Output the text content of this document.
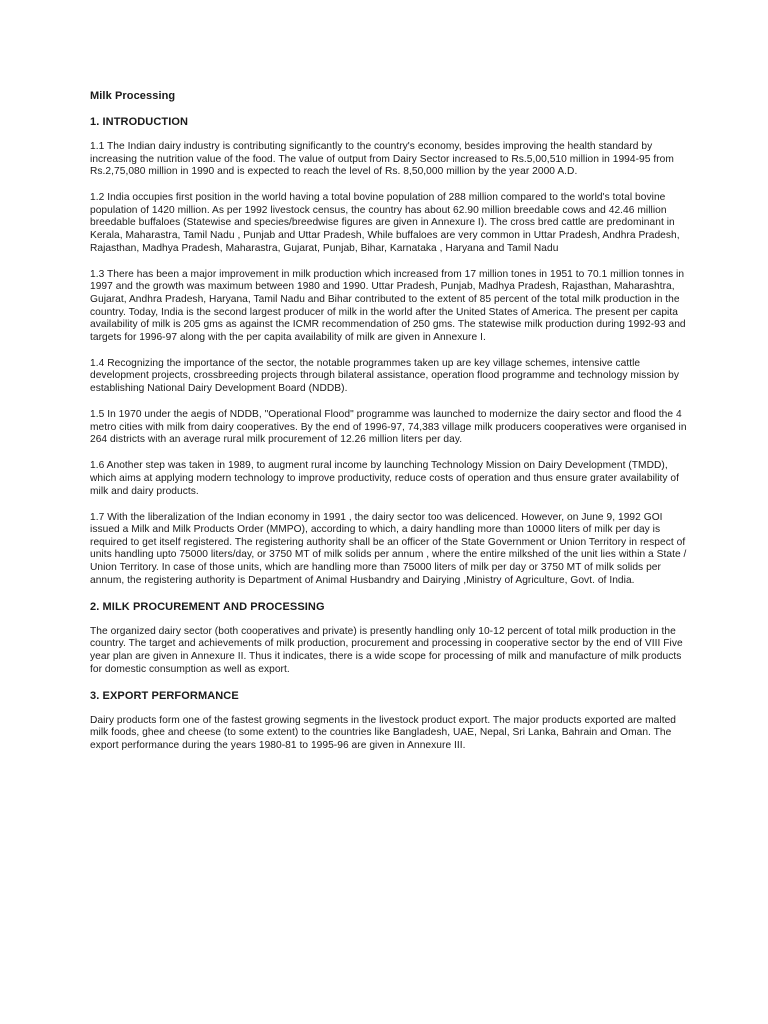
Milk Processing
1. INTRODUCTION

1.1 The Indian dairy industry is contributing significantly to the country's economy, besides improving the health standard by increasing the nutrition value of the food. The value of output from Dairy Sector increased to Rs.5,00,510 million in 1994-95 from Rs.2,75,080 million in 1990 and is expected to reach the level of Rs. 8,50,000 million by the year 2000 A.D.

1.2 India occupies first position in the world having a total bovine population of 288 million compared to the world's total bovine population of 1420 million. As per 1992 livestock census, the country has about 62.90 million breedable cows and 42.46 million breedable buffaloes (Statewise and species/breedwise figures are given in Annexure I). The cross bred cattle are predominant in Kerala, Maharastra, Tamil Nadu , Punjab and Uttar Pradesh, While buffaloes are very common in Uttar Pradesh, Andhra Pradesh, Rajasthan, Madhya Pradesh, Maharastra, Gujarat, Punjab, Bihar, Karnataka , Haryana and Tamil Nadu

1.3 There has been a major improvement in milk production which increased from 17 million tones in 1951 to 70.1 million tonnes in 1997 and the growth was maximum between 1980 and 1990. Uttar Pradesh, Punjab, Madhya Pradesh, Rajasthan, Maharashtra, Gujarat, Andhra Pradesh, Haryana, Tamil Nadu and Bihar contributed to the extent of 85 percent of the total milk production in the country. Today, India is the second largest producer of milk in the world after the United States of America. The present per capita availability of milk is 205 gms as against the ICMR recommendation of 250 gms. The statewise milk production during 1992-93 and targets for 1996-97 along with the per capita availability of milk are given in Annexure I.

1.4 Recognizing the importance of the sector, the notable programmes taken up are key village schemes, intensive cattle development projects, crossbreeding projects through bilateral assistance, operation flood programme and technology mission by establishing National Dairy Development Board (NDDB).

1.5 In 1970 under the aegis of NDDB, "Operational Flood" programme was launched to modernize the dairy sector and flood the 4 metro cities with milk from dairy cooperatives. By the end of 1996-97, 74,383 village milk producers cooperatives were organised in 264 districts with an average rural milk procurement of 12.26 million liters per day.

1.6 Another step was taken in 1989, to augment rural income by launching Technology Mission on Dairy Development (TMDD), which aims at applying modern technology to improve productivity, reduce costs of operation and thus ensure grater availability of milk and dairy products.

1.7 With the liberalization of the Indian economy in 1991 , the dairy sector too was delicenced. However, on June 9, 1992 GOI issued a Milk and Milk Products Order (MMPO), according to which, a dairy handling more than 10000 liters of milk per day is required to get itself registered. The registering authority shall be an officer of the State Government or Union Territory in respect of units handling upto 75000 liters/day, or 3750 MT of milk solids per annum , where the entire milkshed of the unit lies within a State / Union Territory. In case of those units, which are handling more than 75000 liters of milk per day or 3750 MT of milk solids per annum, the registering authority is Department of Animal Husbandry and Dairying ,Ministry of Agriculture, Govt. of India.

2. MILK PROCUREMENT AND PROCESSING

The organized dairy sector (both cooperatives and private) is presently handling only 10-12 percent of total milk production in the country. The target and achievements of milk production, procurement and processing in cooperative sector by the end of VIII Five year plan are given in Annexure II. Thus it indicates, there is a wide scope for processing of milk and manufacture of milk products for domestic consumption as well as export.

3. EXPORT PERFORMANCE

Dairy products form one of the fastest growing segments in the livestock product export. The major products exported are malted milk foods, ghee and cheese (to some extent) to the countries like Bangladesh, UAE, Nepal, Sri Lanka, Bahrain and Oman. The export performance during the years 1980-81 to 1995-96 are given in Annexure III.
